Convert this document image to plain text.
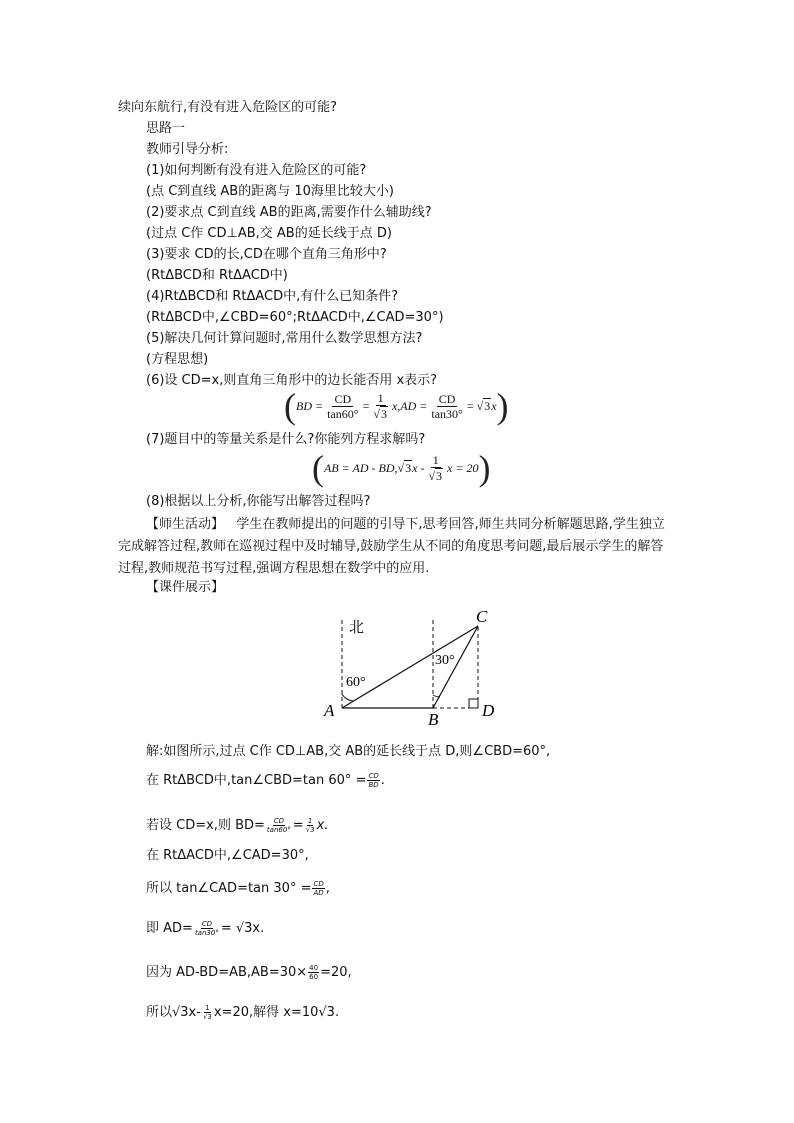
续向东航行,有没有进入危险区的可能?
思路一
教师引导分析:
(1)如何判断有没有进入危险区的可能?
(点 C到直线 AB的距离与 10海里比较大小)
(2)要求点 C到直线 AB的距离,需要作什么辅助线?
(过点 C作 CD⊥AB,交 AB的延长线于点 D)
(3)要求 CD的长,CD在哪个直角三角形中?
(RtΔBCD和 RtΔACD中)
(4)RtΔBCD和 RtΔACD中,有什么已知条件?
(RtΔBCD中,∠CBD=60°;RtΔACD中,∠CAD=30°)
(5)解决几何计算问题时,常用什么数学思想方法?
(方程思想)
(6)设 CD=x,则直角三角形中的边长能否用 x表示?
( BD = $\frac{CD}{\tan 60^\circ} = \frac{1}{√3} x,AD = \frac{CD}{\tan 30^\circ} = √3$ x )
(7)题目中的等量关系是什么?你能列方程求解吗?
( AB = AD - BD, √3 x - $\frac{1}{√3}$ x = 20 )
(8)根据以上分析,你能写出解答过程吗?
【师生活动】 学生在教师提出的问题的引导下,思考回答,师生共同分析解题思路,学生独立完成解答过程,教师在巡视过程中及时辅导,鼓励学生从不同的角度思考问题,最后展示学生的解答过程,教师规范书写过程,强调方程思想在数学中的应用.
【课件展示】
北
60°
30°
A	B
C
D
解:如图所示,过点 C作 CD⊥AB,交 AB的延长线于点 D,则∠CBD=60°,
在 RtΔBCD中,tan∠CBD=tan $60^\circ = \frac{CD}{BD}$ .
若设 CD=x,则 $BD= \frac{CD}{\tan 60^\circ} = \frac{1}{√3} x$.
在 RtΔACD中,∠CAD=30°,
所以 tan∠CAD=tan $30^\circ = \frac{CD}{AD}$ ,
即 $AD= \frac{CD}{\tan 30^\circ} = √3x$.
因为 $AD-BD=AB,AB=30\times \frac{40}{60} =20$,
所以$√3x- \frac{1}{√3} x=20$,解得 x=10√3.
